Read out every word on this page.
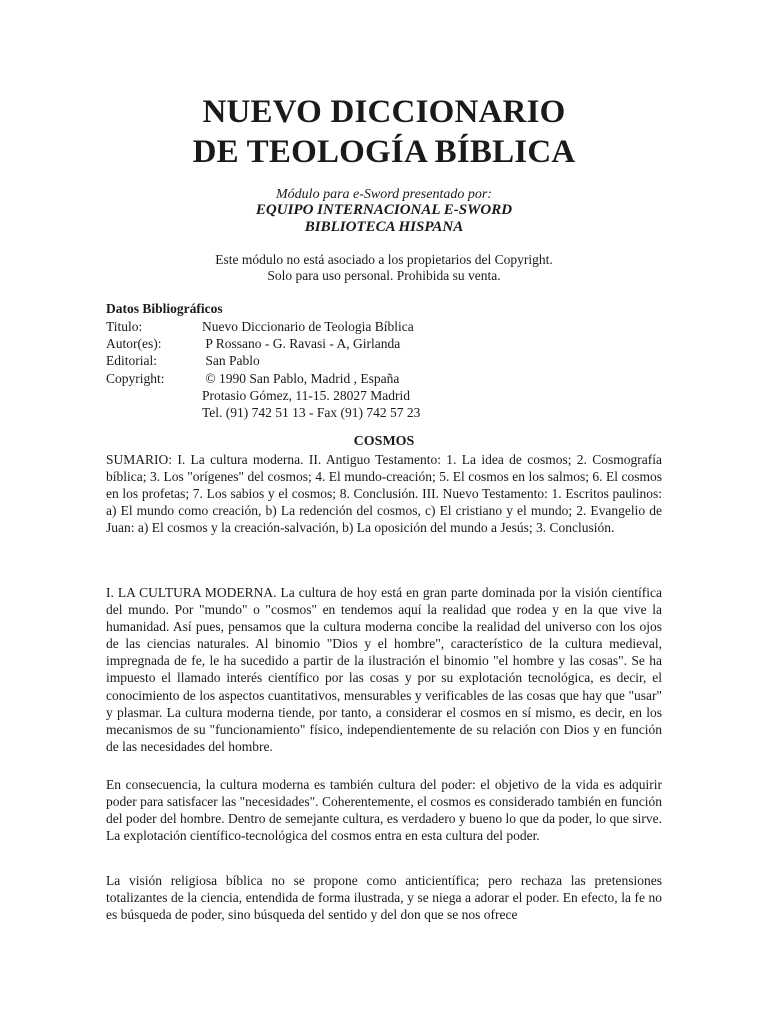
NUEVO DICCIONARIO
DE TEOLOGÍA BÍBLICA
Módulo para e-Sword presentado por:
EQUIPO INTERNACIONAL E-SWORD
BIBLIOTECA HISPANA
Este módulo no está asociado a los propietarios del Copyright.
Solo para uso personal. Prohibida su venta.
Datos Bibliográficos
Titulo:	Nuevo Diccionario de Teologia Bíblica
Autor(es):	P Rossano - G. Ravasi - A, Girlanda
Editorial:	San Pablo
Copyright:	© 1990 San Pablo, Madrid , España
Protasio Gómez, 11-15. 28027 Madrid
Tel. (91) 742 51 13 - Fax (91) 742 57 23
COSMOS

SUMARIO: I. La cultura moderna. II. Antiguo Testamento: 1. La idea de cosmos; 2. Cosmografía bíblica; 3. Los "orígenes" del cosmos; 4. El mundo-creación; 5. El cosmos en los salmos; 6. El cosmos en los profetas; 7. Los sabios y el cosmos; 8. Conclusión. III. Nuevo Testamento: 1. Escritos paulinos: a) El mundo como creación, b) La redención del cosmos, c) El cristiano y el mundo; 2. Evangelio de Juan: a) El cosmos y la creación-salvación, b) La oposición del mundo a Jesús; 3. Conclusión.

I. LA CULTURA MODERNA. La cultura de hoy está en gran parte dominada por la visión científica del mundo. Por "mundo" o "cosmos" en tendemos aquí la realidad que rodea y en la que vive la humanidad. Así pues, pensamos que la cultura moderna concibe la realidad del universo con los ojos de las ciencias naturales. Al binomio "Dios y el hombre", característico de la cultura medieval, impregnada de fe, le ha sucedido a partir de la ilustración el binomio "el hombre y las cosas". Se ha impuesto el llamado interés científico por las cosas y por su explotación tecnológica, es decir, el conocimiento de los aspectos cuantitativos, mensurables y verificables de las cosas que hay que "usar" y plasmar. La cultura moderna tiende, por tanto, a considerar el cosmos en sí mismo, es decir, en los mecanismos de su "funcionamiento" físico, independientemente de su relación con Dios y en función de las necesidades del hombre.

En consecuencia, la cultura moderna es también cultura del poder: el objetivo de la vida es adquirir poder para satisfacer las "necesidades". Coherentemente, el cosmos es considerado también en función del poder del hombre. Dentro de semejante cultura, es verdadero y bueno lo que da poder, lo que sirve. La explotación científico-tecnológica del cosmos entra en esta cultura del poder.

La visión religiosa bíblica no se propone como anticientífica; pero rechaza las pretensiones totalizantes de la ciencia, entendida de forma ilustrada, y se niega a adorar el poder. En efecto, la fe no es búsqueda de poder, sino búsqueda del sentido y del don que se nos ofrece
